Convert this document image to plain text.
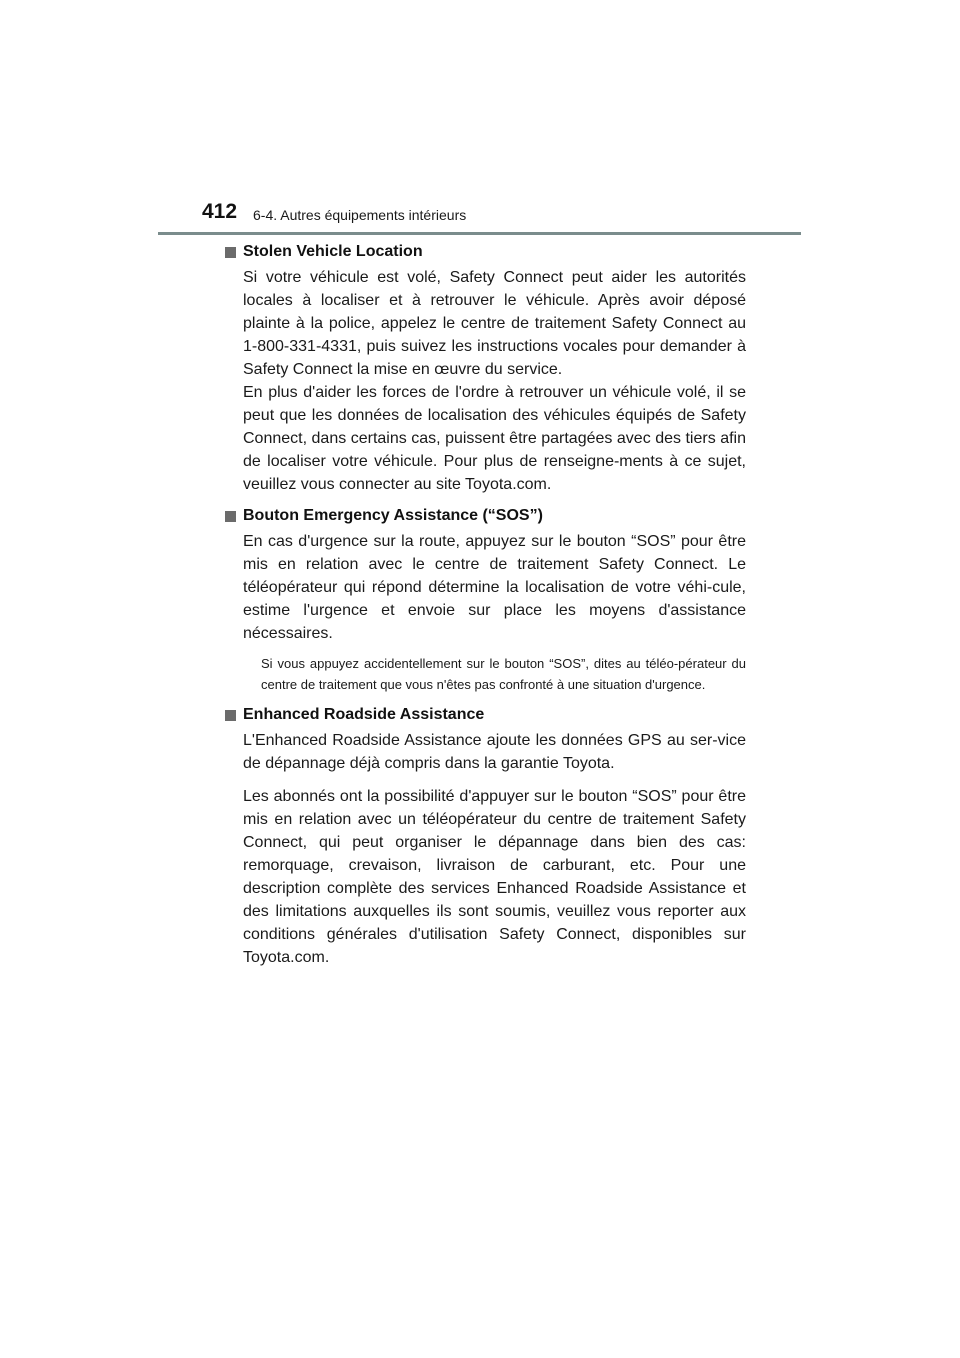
412 6-4. Autres équipements intérieurs
Stolen Vehicle Location

Si votre véhicule est volé, Safety Connect peut aider les autorités locales à localiser et à retrouver le véhicule. Après avoir déposé plainte à la police, appelez le centre de traitement Safety Connect au 1-800-331-4331, puis suivez les instructions vocales pour demander à Safety Connect la mise en œuvre du service.

En plus d'aider les forces de l'ordre à retrouver un véhicule volé, il se peut que les données de localisation des véhicules équipés de Safety Connect, dans certains cas, puissent être partagées avec des tiers afin de localiser votre véhicule. Pour plus de renseigne-ments à ce sujet, veuillez vous connecter au site Toyota.com.

Bouton Emergency Assistance (“SOS”)

En cas d'urgence sur la route, appuyez sur le bouton “SOS” pour être mis en relation avec le centre de traitement Safety Connect. Le téléopérateur qui répond détermine la localisation de votre véhi-cule, estime l'urgence et envoie sur place les moyens d'assistance nécessaires.

Si vous appuyez accidentellement sur le bouton “SOS”, dites au téléo-pérateur du centre de traitement que vous n'êtes pas confronté à une situation d'urgence.

Enhanced Roadside Assistance

L'Enhanced Roadside Assistance ajoute les données GPS au ser-vice de dépannage déjà compris dans la garantie Toyota.

Les abonnés ont la possibilité d'appuyer sur le bouton “SOS” pour être mis en relation avec un téléopérateur du centre de traitement Safety Connect, qui peut organiser le dépannage dans bien des cas: remorquage, crevaison, livraison de carburant, etc. Pour une description complète des services Enhanced Roadside Assistance et des limitations auxquelles ils sont soumis, veuillez vous reporter aux conditions générales d'utilisation Safety Connect, disponibles sur Toyota.com.
